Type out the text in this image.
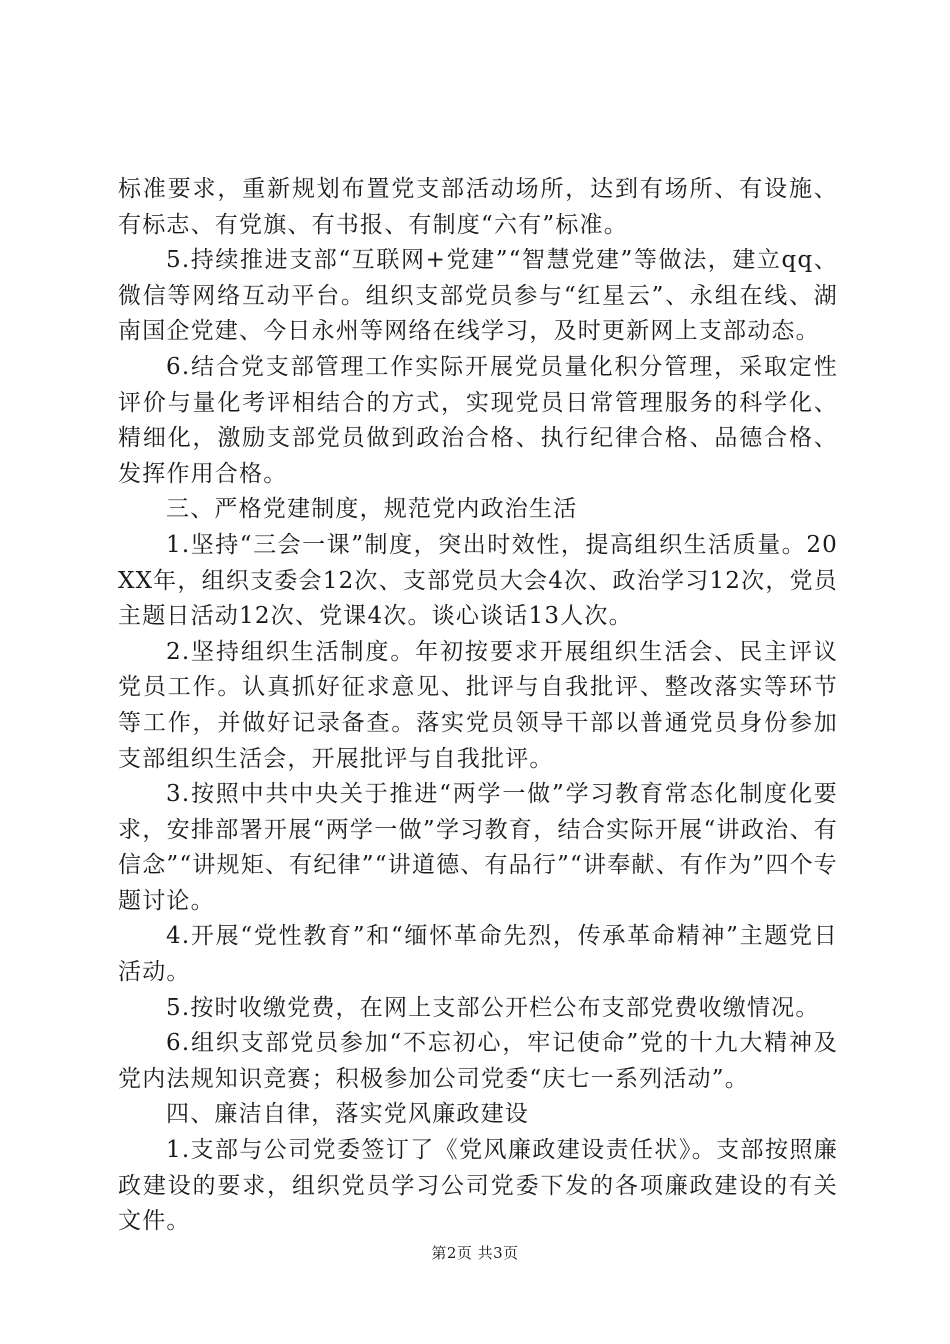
标准要求，重新规划布置党支部活动场所，达到有场所、有设施、有标志、有党旗、有书报、有制度“六有”标准。

5.持续推进支部“互联网+党建”“智慧党建”等做法，建立qq、微信等网络互动平台。组织支部党员参与“红星云”、永组在线、湖南国企党建、今日永州等网络在线学习，及时更新网上支部动态。

6.结合党支部管理工作实际开展党员量化积分管理，采取定性评价与量化考评相结合的方式，实现党员日常管理服务的科学化、精细化，激励支部党员做到政治合格、执行纪律合格、品德合格、发挥作用合格。

三、严格党建制度，规范党内政治生活

1.坚持“三会一课”制度，突出时效性，提高组织生活质量。20XX年，组织支委会12次、支部党员大会4次、政治学习12次，党员主题日活动12次、党课4次。谈心谈话13人次。

2.坚持组织生活制度。年初按要求开展组织生活会、民主评议党员工作。认真抓好征求意见、批评与自我批评、整改落实等环节等工作，并做好记录备查。落实党员领导干部以普通党员身份参加支部组织生活会，开展批评与自我批评。

3.按照中共中央关于推进“两学一做”学习教育常态化制度化要求，安排部署开展“两学一做”学习教育，结合实际开展“讲政治、有信念”“讲规矩、有纪律”“讲道德、有品行”“讲奉献、有作为”四个专题讨论。

4.开展“党性教育”和“缅怀革命先烈，传承革命精神”主题党日活动。

5.按时收缴党费，在网上支部公开栏公布支部党费收缴情况。

6.组织支部党员参加“不忘初心，牢记使命”党的十九大精神及党内法规知识竞赛；积极参加公司党委“庆七一系列活动”。

四、廉洁自律，落实党风廉政建设

1.支部与公司党委签订了《党风廉政建设责任状》。支部按照廉政建设的要求，组织党员学习公司党委下发的各项廉政建设的有关文件。

第2页 共3页
